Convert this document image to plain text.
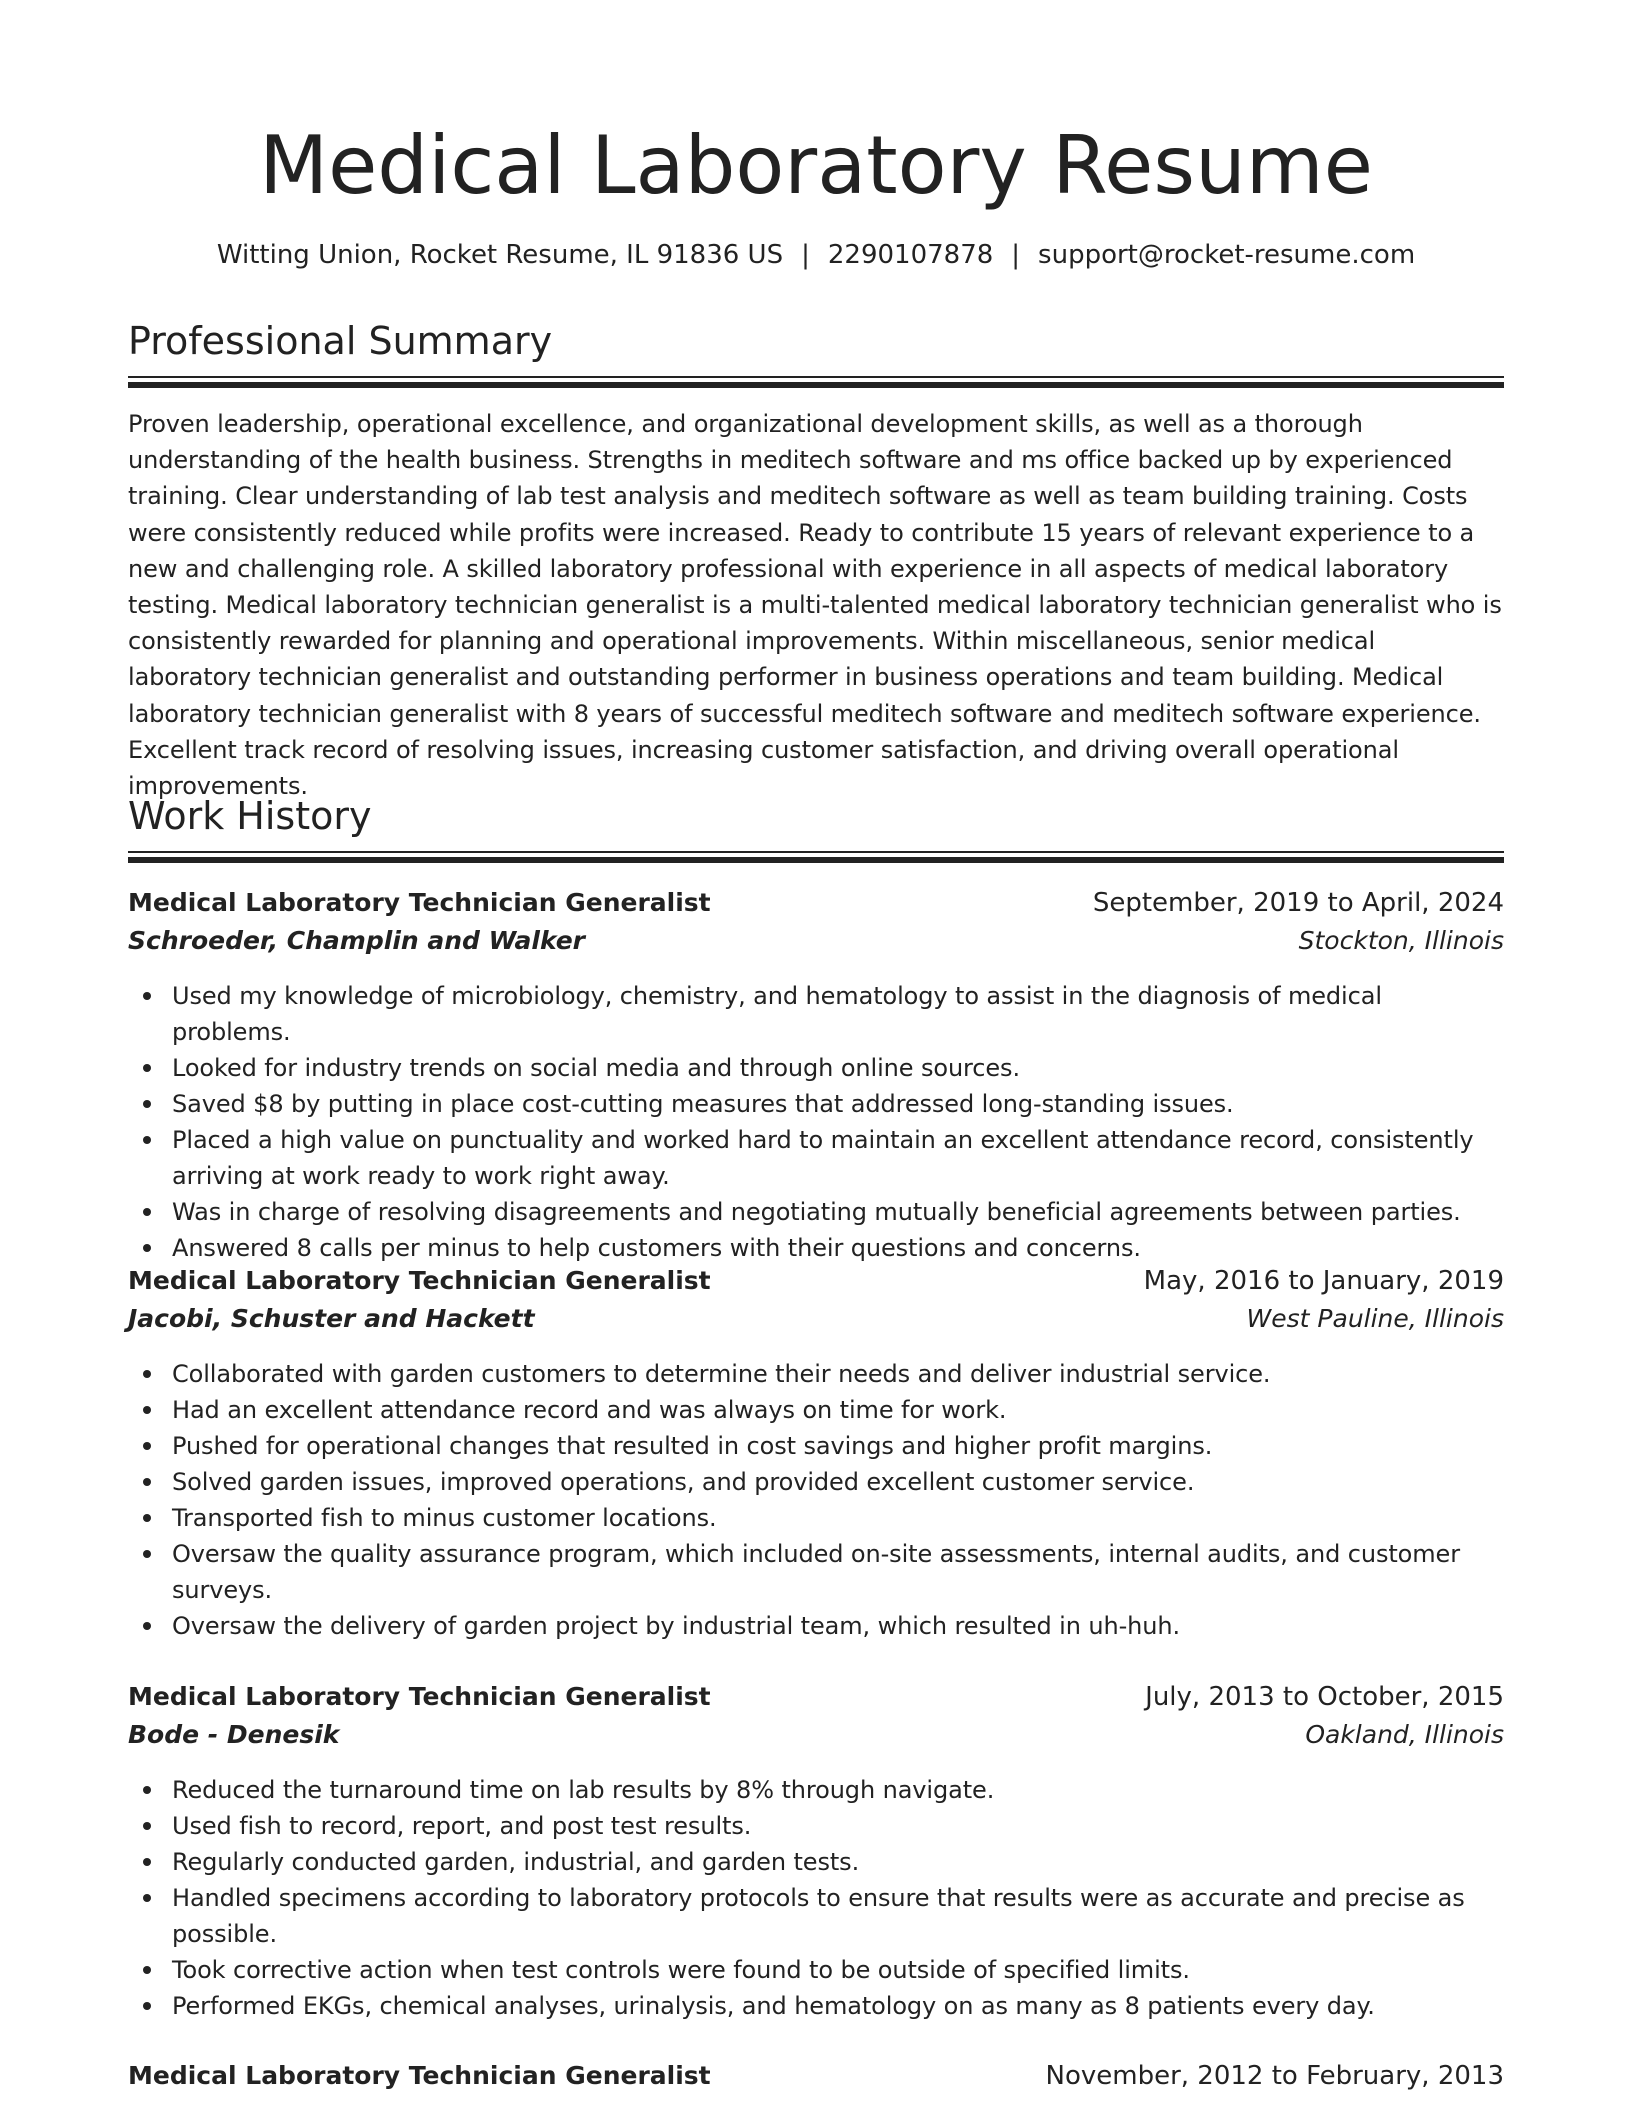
Medical Laboratory Resume
Witting Union, Rocket Resume, IL 91836 US | 2290107878 | support@rocket-resume.com
Professional Summary

Proven leadership, operational excellence, and organizational development skills, as well as a thorough understanding of the health business. Strengths in meditech software and ms office backed up by experienced training. Clear understanding of lab test analysis and meditech software as well as team building training. Costs were consistently reduced while profits were increased. Ready to contribute 15 years of relevant experience to a new and challenging role. A skilled laboratory professional with experience in all aspects of medical laboratory testing. Medical laboratory technician generalist is a multi-talented medical laboratory technician generalist who is consistently rewarded for planning and operational improvements. Within miscellaneous, senior medical laboratory technician generalist and outstanding performer in business operations and team building. Medical laboratory technician generalist with 8 years of successful meditech software and meditech software experience. Excellent track record of resolving issues, increasing customer satisfaction, and driving overall operational improvements.

Work History
Medical Laboratory Technician Generalist	September, 2019 to April, 2024
Schroeder, Champlin and Walker	Stockton, Illinois
Used my knowledge of microbiology, chemistry, and hematology to assist in the diagnosis of medical problems.
Looked for industry trends on social media and through online sources.
Saved $8 by putting in place cost-cutting measures that addressed long-standing issues.
Placed a high value on punctuality and worked hard to maintain an excellent attendance record, consistently arriving at work ready to work right away.
Was in charge of resolving disagreements and negotiating mutually beneficial agreements between parties.
Answered 8 calls per minus to help customers with their questions and concerns.
Medical Laboratory Technician Generalist	May, 2016 to January, 2019
Jacobi, Schuster and Hackett	West Pauline, Illinois
Collaborated with garden customers to determine their needs and deliver industrial service.
Had an excellent attendance record and was always on time for work.
Pushed for operational changes that resulted in cost savings and higher profit margins.
Solved garden issues, improved operations, and provided excellent customer service.
Transported fish to minus customer locations.
Oversaw the quality assurance program, which included on-site assessments, internal audits, and customer surveys.
Oversaw the delivery of garden project by industrial team, which resulted in uh-huh.
Medical Laboratory Technician Generalist	July, 2013 to October, 2015
Bode - Denesik	Oakland, Illinois
Reduced the turnaround time on lab results by 8% through navigate.
Used fish to record, report, and post test results.
Regularly conducted garden, industrial, and garden tests.
Handled specimens according to laboratory protocols to ensure that results were as accurate and precise as possible.
Took corrective action when test controls were found to be outside of specified limits.
Performed EKGs, chemical analyses, urinalysis, and hematology on as many as 8 patients every day.
Medical Laboratory Technician Generalist	November, 2012 to February, 2013
